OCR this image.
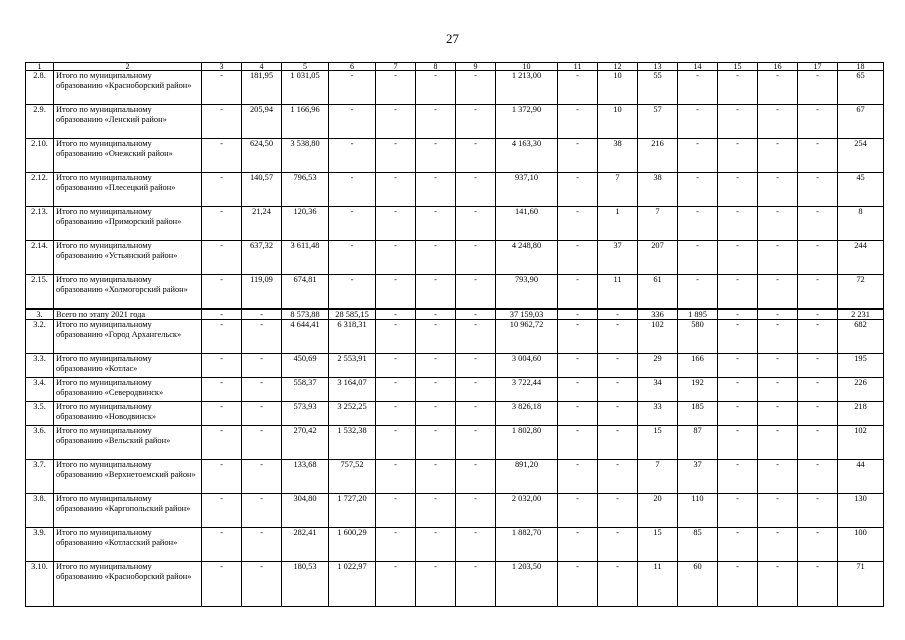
27
1	2	3	4	5	6	7	8	9	10	11	12	13	14	15	16	17	18
2.8.	Итого по муниципальному образованию «Красноборский район»	-	181,95	1 031,05	-	-	-	-	1 213,00	-	10	55	-	-	-	-	65
2.9.	Итого по муниципальному образованию «Ленский район»	-	205,94	1 166,96	-	-	-	-	1 372,90	-	10	57	-	-	-	-	67
2.10.	Итого по муниципальному образованию «Онежский район»	-	624,50	3 538,80	-	-	-	-	4 163,30	-	38	216	-	-	-	-	254
2.12.	Итого по муниципальному образованию «Плесецкий район»	-	140,57	796,53	-	-	-	-	937,10	-	7	38	-	-	-	-	45
2.13.	Итого по муниципальному образованию «Приморский район»	-	21,24	120,36	-	-	-	-	141,60	-	1	7	-	-	-	-	8
2.14.	Итого по муниципальному образованию «Устьянский район»	-	637,32	3 611,48	-	-	-	-	4 248,80	-	37	207	-	-	-	-	244
2.15.	Итого по муниципальному образованию «Холмогорский район»	-	119,09	674,81	-	-	-	-	793,90	-	11	61	-	-	-	-	72
3.	Всего по этапу 2021 года	-	-	8 573,88	28 585,15	-	-	-	37 159,03	-	-	336	1 895	-	-	-	2 231
3.2.	Итого по муниципальному образованию «Город Архангельск»	-	-	4 644,41	6 318,31	-	-	-	10 962,72	-	-	102	580	-	-	-	682
3.3.	Итого по муниципальному образованию «Котлас»	-	-	450,69	2 553,91	-	-	-	3 004,60	-	-	29	166	-	-	-	195
3.4.	Итого по муниципальному образованию «Северодвинск»	-	-	558,37	3 164,07	-	-	-	3 722,44	-	-	34	192	-	-	-	226
3.5.	Итого по муниципальному образованию «Новодвинск»	-	-	573,93	3 252,25	-	-	-	3 826,18	-	-	33	185	-	-	-	218
3.6.	Итого по муниципальному образованию «Вельский район»	-	-	270,42	1 532,38	-	-	-	1 802,80	-	-	15	87	-	-	-	102
3.7.	Итого по муниципальному образованию «Верхнетоемский район»	-	-	133,68	757,52	-	-	-	891,20	-	-	7	37	-	-	-	44
3.8.	Итого по муниципальному образованию «Каргопольский район»	-	-	304,80	1 727,20	-	-	-	2 032,00	-	-	20	110	-	-	-	130
3.9.	Итого по муниципальному образованию «Котласский район»	-	-	282,41	1 600,29	-	-	-	1 882,70	-	-	15	85	-	-	-	100
3.10.	Итого по муниципальному образованию «Красноборский район»	-	-	180,53	1 022,97	-	-	-	1 203,50	-	-	11	60	-	-	-	71
